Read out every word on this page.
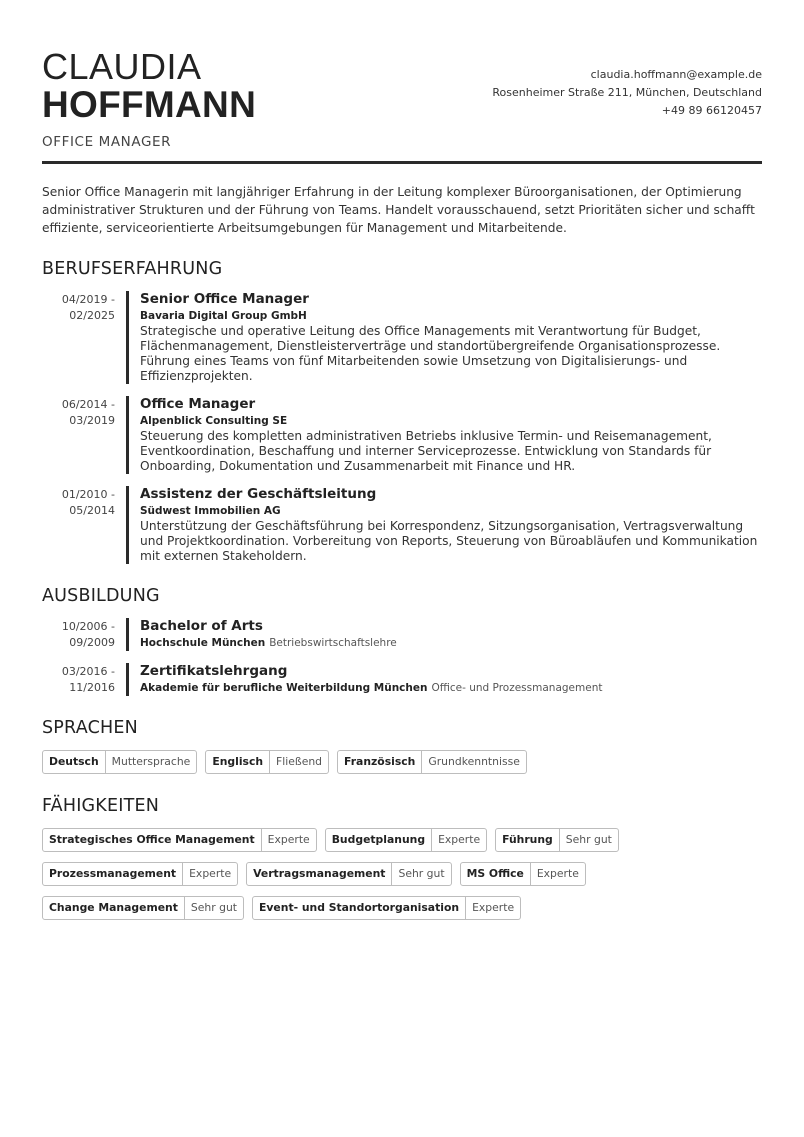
CLAUDIA
HOFFMANN
OFFICE MANAGER
claudia.hoffmann@example.de
Rosenheimer Straße 211, München, Deutschland
+49 89 66120457

Senior Office Managerin mit langjähriger Erfahrung in der Leitung komplexer Büroorganisationen, der Optimierung administrativer Strukturen und der Führung von Teams. Handelt vorausschauend, setzt Prioritäten sicher und schafft effiziente, serviceorientierte Arbeitsumgebungen für Management und Mitarbeitende.

BERUFSERFAHRUNG
04/2019 -
02/2025
Senior Office Manager
Bavaria Digital Group GmbH
Strategische und operative Leitung des Office Managements mit Verantwortung für Budget, Flächenmanagement, Dienstleisterverträge und standortübergreifende Organisationsprozesse. Führung eines Teams von fünf Mitarbeitenden sowie Umsetzung von Digitalisierungs- und Effizienzprojekten.
06/2014 -
03/2019
Office Manager
Alpenblick Consulting SE
Steuerung des kompletten administrativen Betriebs inklusive Termin- und Reisemanagement, Eventkoordination, Beschaffung und interner Serviceprozesse. Entwicklung von Standards für Onboarding, Dokumentation und Zusammenarbeit mit Finance und HR.
01/2010 -
05/2014
Assistenz der Geschäftsleitung
Südwest Immobilien AG
Unterstützung der Geschäftsführung bei Korrespondenz, Sitzungsorganisation, Vertragsverwaltung und Projektkoordination. Vorbereitung von Reports, Steuerung von Büroabläufen und Kommunikation mit externen Stakeholdern.
AUSBILDUNG
10/2006 -
09/2009
Bachelor of Arts
Hochschule München Betriebswirtschaftslehre
03/2016 -
11/2016
Zertifikatslehrgang
Akademie für berufliche Weiterbildung München Office- und Prozessmanagement
SPRACHEN
Deutsch	Muttersprache	Englisch	Fließend	Französisch	Grundkenntnisse
FÄHIGKEITEN
Strategisches Office Management	Experte	Budgetplanung	Experte	Führung	Sehr gut
Prozessmanagement	Experte	Vertragsmanagement	Sehr gut	MS Office	Experte
Change Management	Sehr gut	Event- und Standortorganisation	Experte
